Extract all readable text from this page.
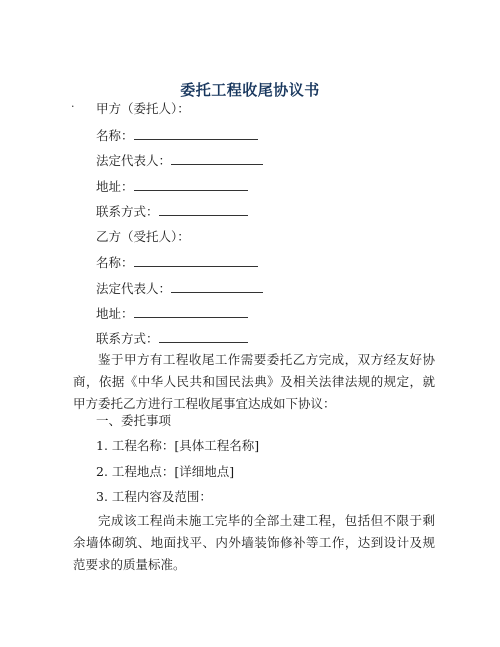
委托工程收尾协议书
· 甲方（委托人）：
名称：
法定代表人：
地址：
联系方式：
乙方（受托人）：
名称：
法定代表人：
地址：
联系方式：
鉴于甲方有工程收尾工作需要委托乙方完成，双方经友好协商，依据《中华人民共和国民法典》及相关法律法规的规定，就甲方委托乙方进行工程收尾事宜达成如下协议：
一、委托事项
1. 工程名称：[具体工程名称]
2. 工程地点：[详细地点]
3. 工程内容及范围：
完成该工程尚未施工完毕的全部土建工程，包括但不限于剩余墙体砌筑、地面找平、内外墙装饰修补等工作，达到设计及规范要求的质量标准。
